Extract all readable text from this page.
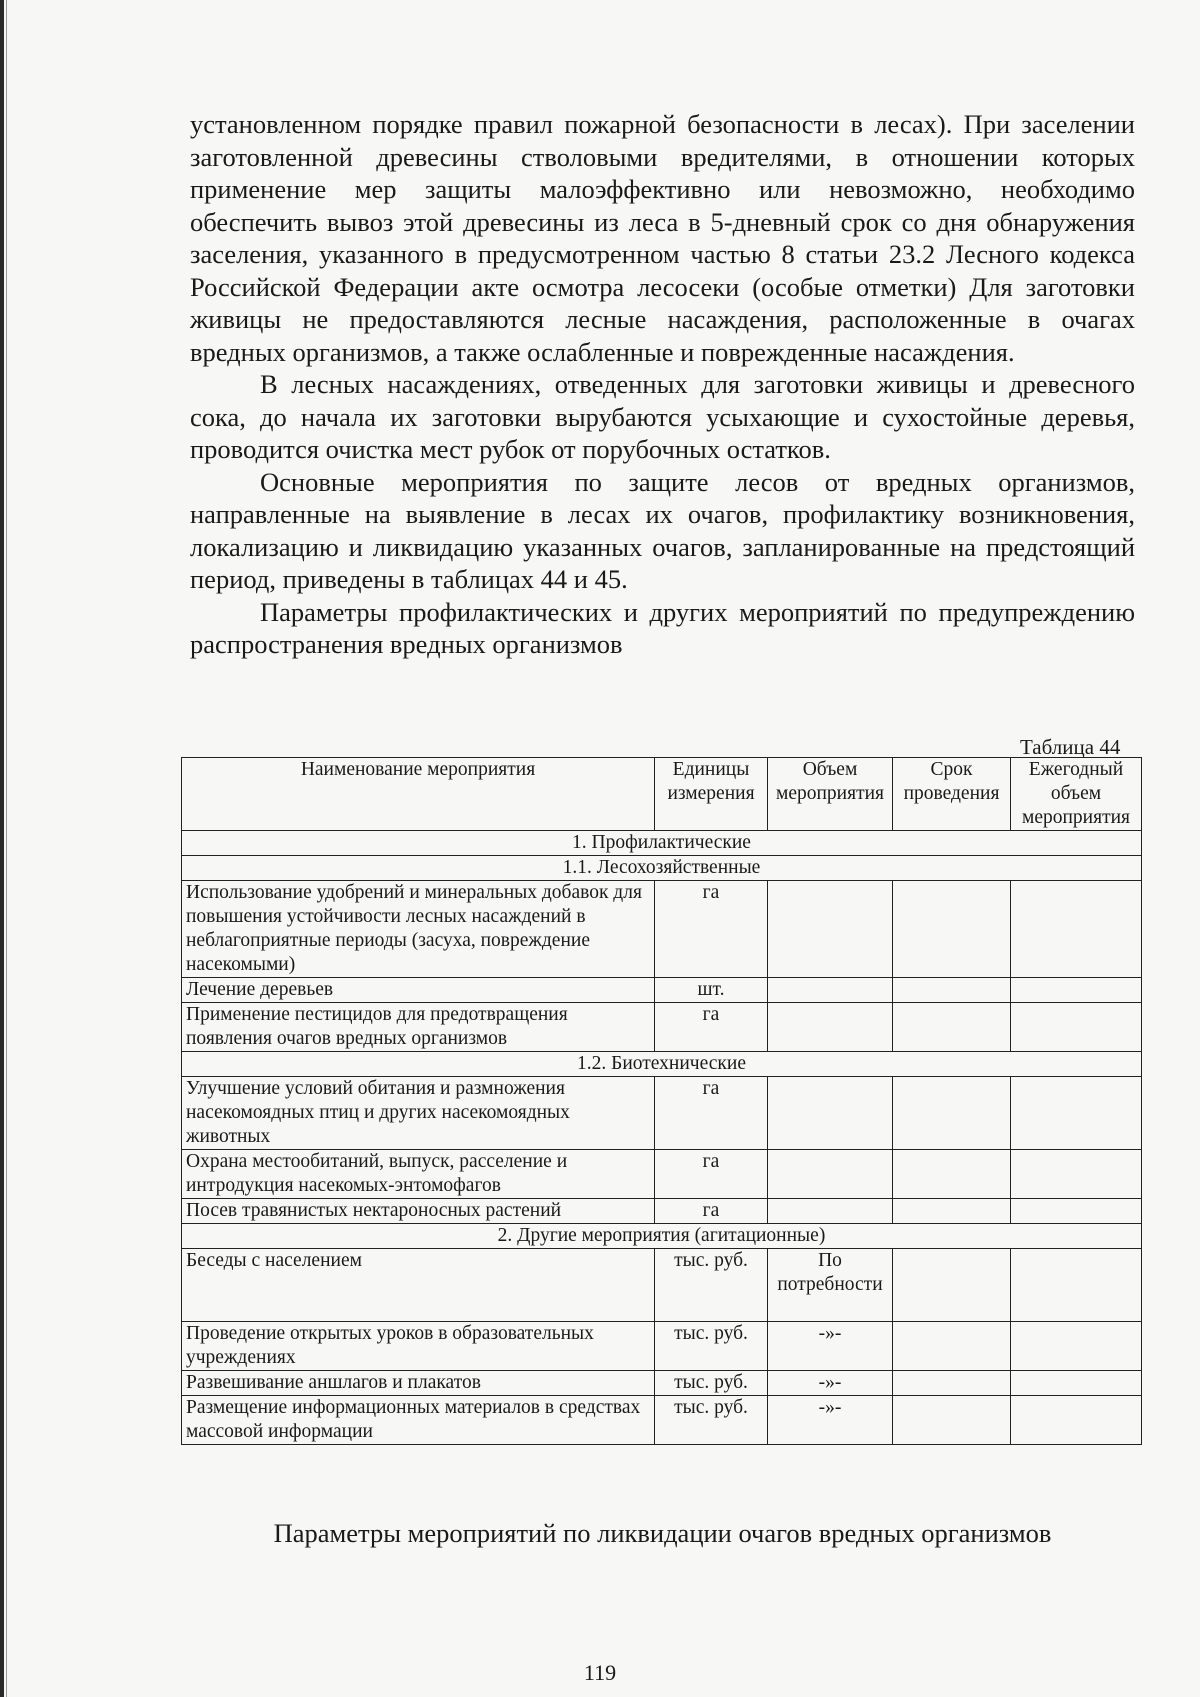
установленном порядке правил пожарной безопасности в лесах). При заселении заготовленной древесины стволовыми вредителями, в отношении которых применение мер защиты малоэффективно или невозможно, необходимо обеспечить вывоз этой древесины из леса в 5-дневный срок со дня обнаружения заселения, указанного в предусмотренном частью 8 статьи 23.2 Лесного кодекса Российской Федерации акте осмотра лесосеки (особые отметки) Для заготовки живицы не предоставляются лесные насаждения, расположенные в очагах вредных организмов, а также ослабленные и поврежденные насаждения.

В лесных насаждениях, отведенных для заготовки живицы и древесного сока, до начала их заготовки вырубаются усыхающие и сухостойные деревья, проводится очистка мест рубок от порубочных остатков.

Основные мероприятия по защите лесов от вредных организмов, направленные на выявление в лесах их очагов, профилактику возникновения, локализацию и ликвидацию указанных очагов, запланированные на предстоящий период, приведены в таблицах 44 и 45.

Параметры профилактических и других мероприятий по предупреждению распространения вредных организмов

Таблица 44
Наименование мероприятия	Единицы измерения	Объем мероприятия	Срок проведения	Ежегодный объем мероприятия
1. Профилактические				
1.1. Лесохозяйственные				
Использование удобрений и минеральных добавок для повышения устойчивости лесных насаждений в неблагоприятные периоды (засуха, повреждение насекомыми)	га			
Лечение деревьев	шт.			
Применение пестицидов для предотвращения появления очагов вредных организмов	га			
1.2. Биотехнические				
Улучшение условий обитания и размножения насекомоядных птиц и других насекомоядных животных	га			
Охрана местообитаний, выпуск, расселение и интродукция насекомых-энтомофагов	га			
Посев травянистых нектароносных растений	га			
2. Другие мероприятия (агитационные)				
Беседы с населением	тыс. руб.	По потребности		
Проведение открытых уроков в образовательных учреждениях	тыс. руб.	-»-		
Развешивание аншлагов и плакатов	тыс. руб.	-»-		
Размещение информационных материалов в средствах массовой информации	тыс. руб.	-»-		
Параметры мероприятий по ликвидации очагов вредных организмов
119
